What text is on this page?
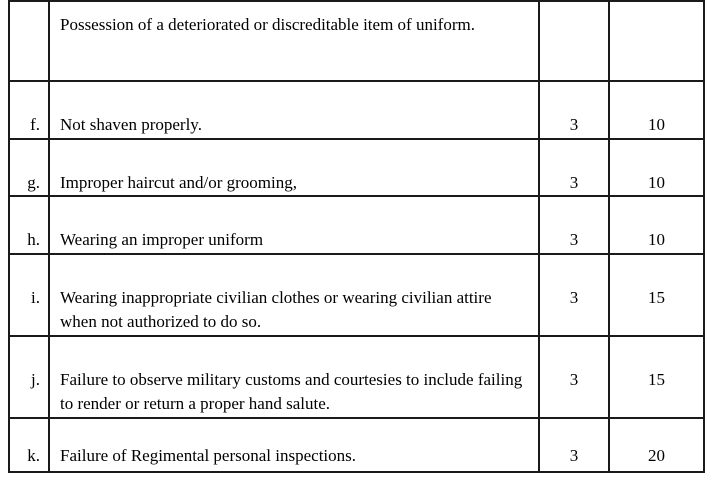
	Possession of a deteriorated or discreditable item of uniform.		
f.	Not shaven properly.	3	10
g.	Improper haircut and/or grooming,	3	10
h.	Wearing an improper uniform	3	10
i.	Wearing inappropriate civilian clothes or wearing civilian attire when not authorized to do so.	3	15
j.	Failure to observe military customs and courtesies to include failing to render or return a proper hand salute.	3	15
k.	Failure of Regimental personal inspections.	3	20
